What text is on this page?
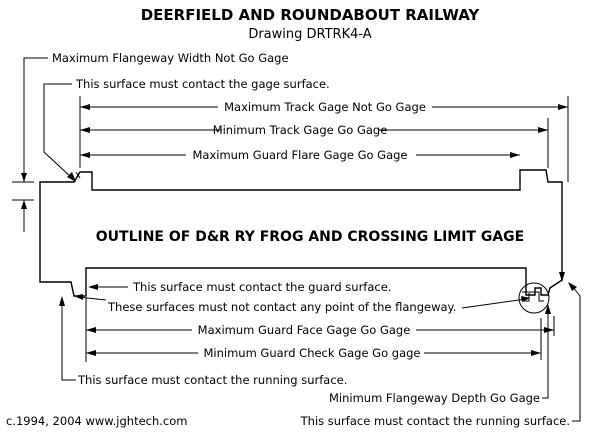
DEERFIELD AND ROUNDABOUT RAILWAY
Drawing DRTRK4-A
OUTLINE OF D&R RY FROG AND CROSSING LIMIT GAGE
Maximum Flangeway Width Not Go Gage
This surface must contact the gage surface.
Maximum Track Gage Not Go Gage
Minimum Track Gage Go Gage
Maximum Guard Flare Gage Go Gage
This surface must contact the guard surface.
These surfaces must not contact any point of the flangeway.
Maximum Guard Face Gage Go Gage
Minimum Guard Check Gage Go gage
This surface must contact the running surface.
Minimum Flangeway Depth Go Gage
This surface must contact the running surface.
c.1994, 2004 www.jghtech.com
